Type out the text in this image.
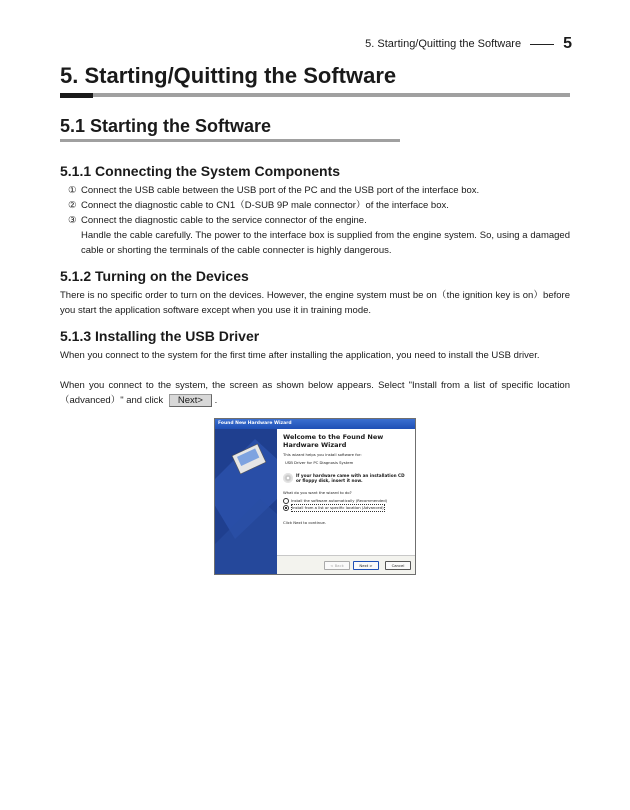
5. Starting/Quitting the Software	5
5. Starting/Quitting the Software
5.1 Starting the Software
5.1.1 Connecting the System Components
① Connect the USB cable between the USB port of the PC and the USB port of the interface box.
② Connect the diagnostic cable to CN1（D-SUB 9P male connector）of the interface box.
③ Connect the diagnostic cable to the service connector of the engine.
Handle the cable carefully. The power to the interface box is supplied from the engine system. So, using a damaged cable or shorting the terminals of the cable connecter is highly dangerous.
5.1.2 Turning on the Devices

There is no specific order to turn on the devices. However, the engine system must be on（the ignition key is on）before you start the application software except when you use it in training mode.

5.1.3 Installing the USB Driver

When you connect to the system for the first time after installing the application, you need to install the USB driver.

When you connect to the system, the screen as shown below appears. Select "Install from a list of specific location（advanced）" and click Next> .

Found New Hardware Wizard
Welcome to the Found New Hardware Wizard
This wizard helps you install software for:
USB Driver for PC Diagnosis System
If your hardware came with an installation CD or floppy disk, insert it now.
What do you want the wizard to do?
Install the software automatically (Recommended)
Install from a list or specific location (Advanced)
Click Next to continue.
< Back	Next >	Cancel
